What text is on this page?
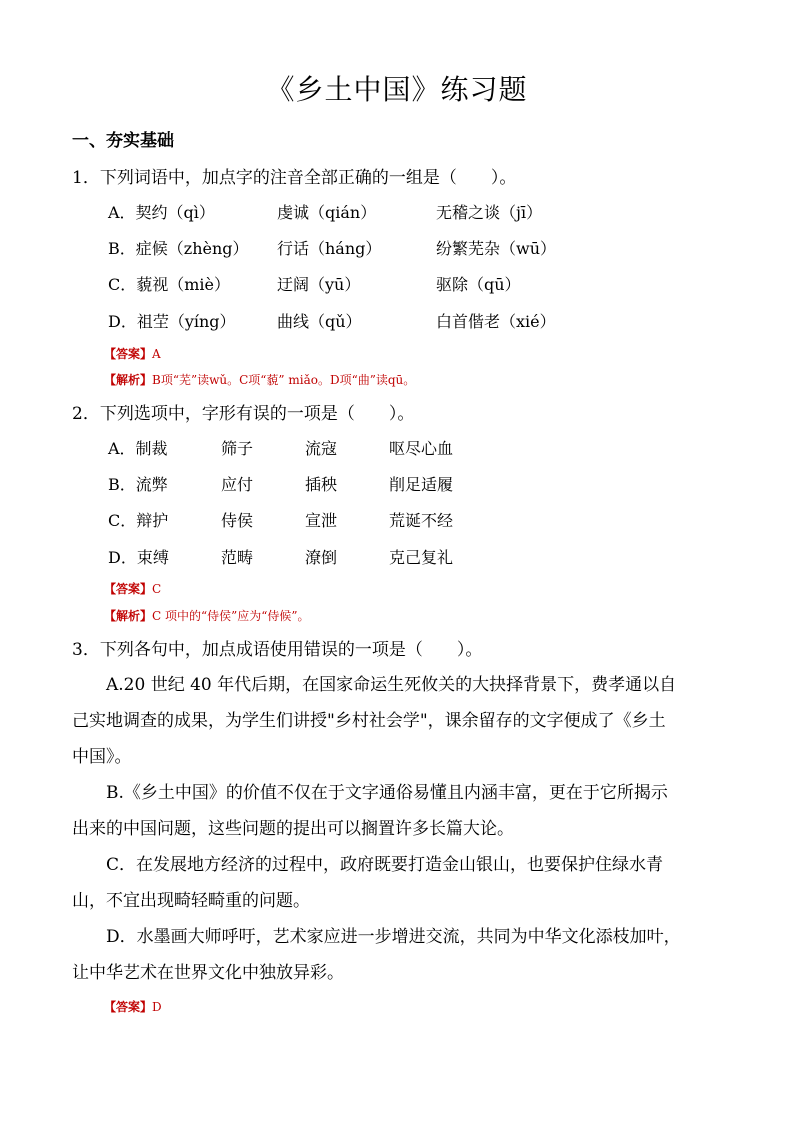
《乡土中国》练习题
一、夯实基础
1．下列词语中，加点字的注音全部正确的一组是（　　）。
A．契约（qì）	虔诚（qián）	无稽之谈（jī）
B．症候（zhèng） 行话（háng）	纷繁芜杂（wū）
C．藐视（miè）	迂阔（yū）	驱除（qū）
D．祖茔（yíng）	曲线（qǔ）	白首偕老（xié）
【答案】A
【解析】B项“芜”读wǔ。C项“藐” miǎo。D项“曲”读qū。
2．下列选项中，字形有误的一项是（　　）。
A．制裁	筛子	流寇	呕尽心血
B．流弊	应付	插秧	削足适履
C．辩护	侍侯	宣泄	荒诞不经
D．束缚	范畴	潦倒	克己复礼
【答案】C
【解析】C 项中的“侍侯”应为“侍候”。
3．下列各句中，加点成语使用错误的一项是（　　）。
A.20 世纪 40 年代后期，在国家命运生死攸关的大抉择背景下，费孝通以自
己实地调查的成果，为学生们讲授"乡村社会学"，课余留存的文字便成了《乡土
中国》。
B.《乡土中国》的价值不仅在于文字通俗易懂且内涵丰富，更在于它所揭示
出来的中国问题，这些问题的提出可以搁置许多长篇大论。
C．在发展地方经济的过程中，政府既要打造金山银山，也要保护住绿水青
山，不宜出现畸轻畸重的问题。
D．水墨画大师呼吁，艺术家应进一步增进交流，共同为中华文化添枝加叶，
让中华艺术在世界文化中独放异彩。
【答案】D
